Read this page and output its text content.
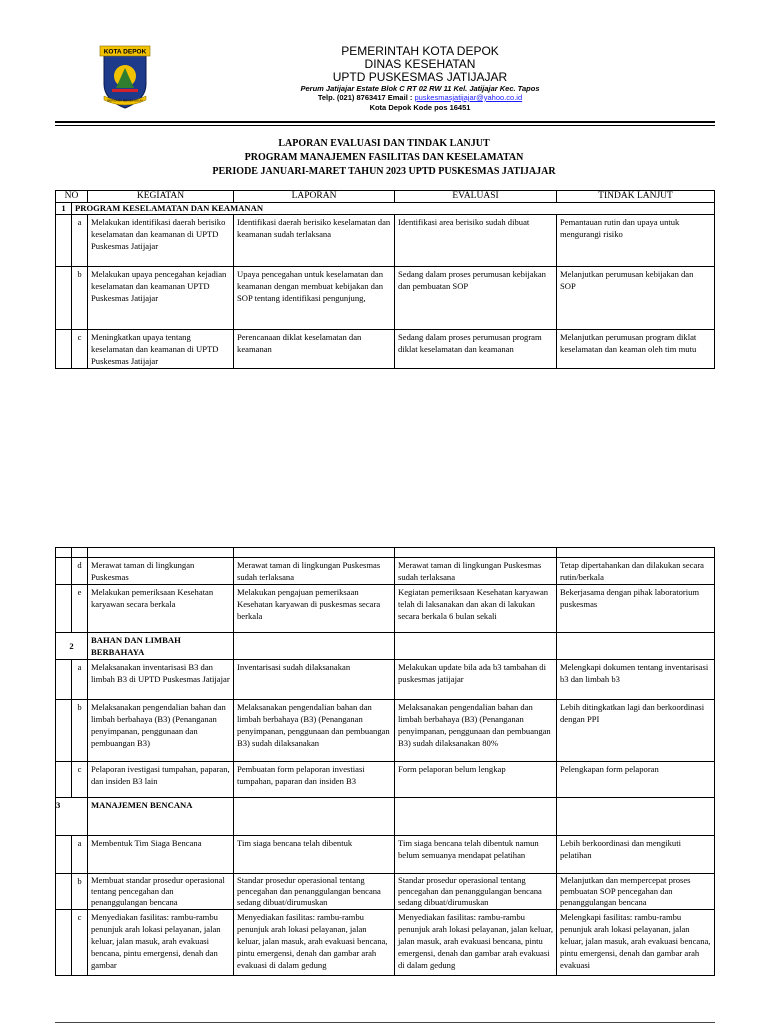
KOTA DEPOK
BERSAMA MEMBANGUN
PEMERINTAH KOTA DEPOK
DINAS KESEHATAN
UPTD PUSKESMAS JATIJAJAR
Perum Jatijajar Estate Blok C RT 02 RW 11 Kel. Jatijajar Kec. Tapos
Telp. (021) 8763417 Email : puskesmasjatijajar@yahoo.co.id
Kota Depok Kode pos 16451
LAPORAN EVALUASI DAN TINDAK LANJUT
PROGRAM MANAJEMEN FASILITAS DAN KESELAMATAN
PERIODE JANUARI-MARET TAHUN 2023 UPTD PUSKESMAS JATIJAJAR
NO		KEGIATAN	LAPORAN	EVALUASI	TINDAK LANJUT
1	PROGRAM KESELAMATAN DAN KEAMANAN				
	a	Melakukan identifikasi daerah berisiko keselamatan dan keamanan di UPTD Puskesmas Jatijajar	Identifikasi daerah berisiko keselamatan dan keamanan sudah terlaksana	Identifikasi area berisiko sudah dibuat	Pemantauan rutin dan upaya untuk mengurangi risiko
	b	Melakukan upaya pencegahan kejadian keselamatan dan keamanan UPTD Puskesmas Jatijajar	Upaya pencegahan untuk keselamatan dan keamanan dengan membuat kebijakan dan SOP tentang identifikasi pengunjung,	Sedang dalam proses perumusan kebijakan dan pembuatan SOP	Melanjutkan perumusan kebijakan dan SOP
	c	Meningkatkan upaya tentang keselamatan dan keamanan di UPTD Puskesmas Jatijajar	Perencanaan diklat keselamatan dan keamanan	Sedang dalam proses perumusan program diklat keselamatan dan keamanan	Melanjutkan perumusan program diklat keselamatan dan keaman oleh tim mutu

	d	Merawat taman di lingkungan Puskesmas	Merawat taman di lingkungan Puskesmas sudah terlaksana	Merawat taman di lingkungan Puskesmas sudah terlaksana	Tetap dipertahankan dan dilakukan secara rutin/berkala
	e	Melakukan pemeriksaan Kesehatan karyawan secara berkala	Melakukan pengajuan pemeriksaan Kesehatan karyawan di puskesmas secara berkala	Kegiatan pemeriksaan Kesehatan karyawan telah di laksanakan dan akan di lakukan secara berkala 6 bulan sekali	Bekerjasama dengan pihak laboratorium puskesmas
2		BAHAN DAN LIMBAH BERBAHAYA			
	a	Melaksanakan inventarisasi B3 dan limbah B3 di UPTD Puskesmas Jatijajar	Inventarisasi sudah dilaksanakan	Melakukan update bila ada b3 tambahan di puskesmas jatijajar	Melengkapi dokumen tentang inventarisasi b3 dan limbah b3
	b	Melaksanakan pengendalian bahan dan limbah berbahaya (B3) (Penanganan penyimpanan, penggunaan dan pembuangan B3)	Melaksanakan pengendalian bahan dan limbah berbahaya (B3) (Penanganan penyimpanan, penggunaan dan pembuangan B3) sudah dilaksanakan	Melaksanakan pengendalian bahan dan limbah berbahaya (B3) (Penanganan penyimpanan, penggunaan dan pembuangan B3) sudah dilaksanakan 80%	Lebih ditingkatkan lagi dan berkoordinasi dengan PPI
	c	Pelaporan ivestigasi tumpahan, paparan, dan insiden B3 lain	Pembuatan form pelaporan investiasi tumpahan, paparan dan insiden B3	Form pelaporan belum lengkap	Pelengkapan form pelaporan
3		MANAJEMEN BENCANA			
	a	Membentuk Tim Siaga Bencana	Tim siaga bencana telah dibentuk	Tim siaga bencana telah dibentuk namun belum semuanya mendapat pelatihan	Lebih berkoordinasi dan mengikuti pelatihan
	b	Membuat standar prosedur operasional tentang pencegahan dan penanggulangan bencana	Standar prosedur operasional tentang pencegahan dan penanggulangan bencana sedang dibuat/dirumuskan	Standar prosedur operasional tentang pencegahan dan penanggulangan bencana sedang dibuat/dirumuskan	Melanjutkan dan mempercepat proses pembuatan SOP pencegahan dan penanggulangan bencana
	c	Menyediakan fasilitas: rambu-rambu penunjuk arah lokasi pelayanan, jalan keluar, jalan masuk, arah evakuasi bencana, pintu emergensi, denah dan gambar	Menyediakan fasilitas: rambu-rambu penunjuk arah lokasi pelayanan, jalan keluar, jalan masuk, arah evakuasi bencana, pintu emergensi, denah dan gambar arah evakuasi di dalam gedung	Menyediakan fasilitas: rambu-rambu penunjuk arah lokasi pelayanan, jalan keluar, jalan masuk, arah evakuasi bencana, pintu emergensi, denah dan gambar arah evakuasi di dalam gedung	Melengkapi fasilitas: rambu-rambu penunjuk arah lokasi pelayanan, jalan keluar, jalan masuk, arah evakuasi bencana, pintu emergensi, denah dan gambar arah evakuasi
